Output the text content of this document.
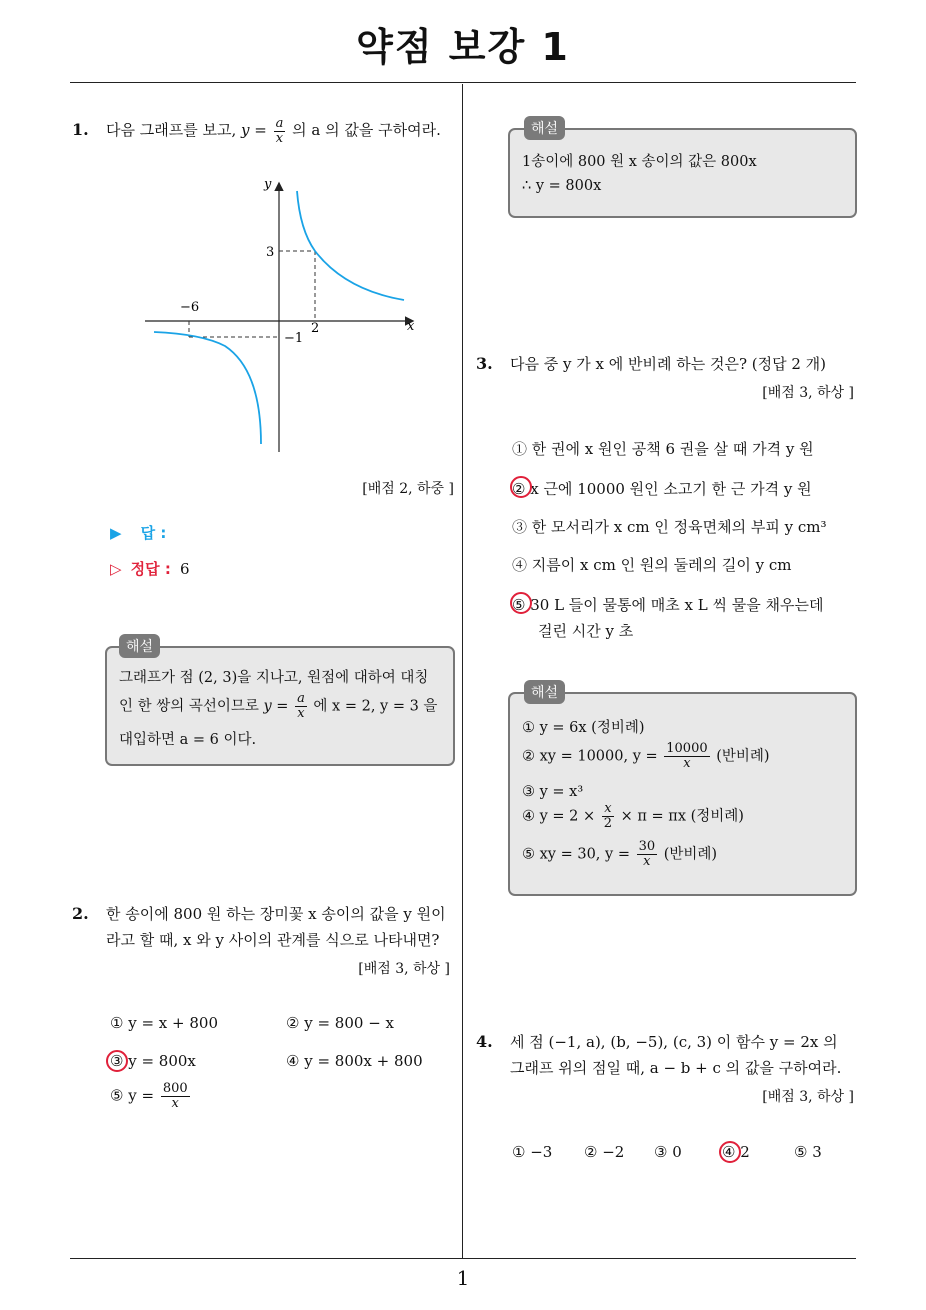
약점 보강 1
1. 다음 그래프를 보고, $y = \frac{a}{x}$ 의 a 의 값을 구하여라.
y
x
3
−6
2
−1
[배점 2, 하중 ]
▶ 답 :
▷ 정답 : 6
해설
그래프가 점 (2, 3)을 지나고, 원점에 대하여 대칭
인 한 쌍의 곡선이므로 $y = \frac{a}{x}$ 에 x = 2, y = 3 을
대입하면 a = 6 이다.
2. 한 송이에 800 원 하는 장미꽃 x 송이의 값을 y 원이
라고 할 때, x 와 y 사이의 관계를 식으로 나타내면?
[배점 3, 하상 ]
① y = x + 800	② y = 800 − x
③ y = 800x	④ y = 800x + 800
⑤ $y = \frac{800}{x}$
해설
1송이에 800 원 x 송이의 값은 800x
∴ y = 800x
3. 다음 중 y 가 x 에 반비례 하는 것은? (정답 2 개)
[배점 3, 하상 ]
① 한 권에 x 원인 공책 6 권을 살 때 가격 y 원
② x 근에 10000 원인 소고기 한 근 가격 y 원
③ 한 모서리가 x cm 인 정육면체의 부피 y cm³
④ 지름이 x cm 인 원의 둘레의 길이 y cm
⑤ 30 L 들이 물통에 매초 x L 씩 물을 채우는데
걸린 시간 y 초
해설
① y = 6x (정비례)
② xy = 10000, $y = \frac{10000}{x}$ (반비례)
③ y = x³
④ $y = 2 \times \frac{x}{2} \times \pi = \pi x$ (정비례)
⑤ xy = 30, $y = \frac{30}{x}$ (반비례)
4. 세 점 (−1, a), (b, −5), (c, 3) 이 함수 y = 2x 의
그래프 위의 점일 때, a − b + c 의 값을 구하여라.
[배점 3, 하상 ]
① −3 ② −2 ③ 0	④ 2	⑤ 3
1
